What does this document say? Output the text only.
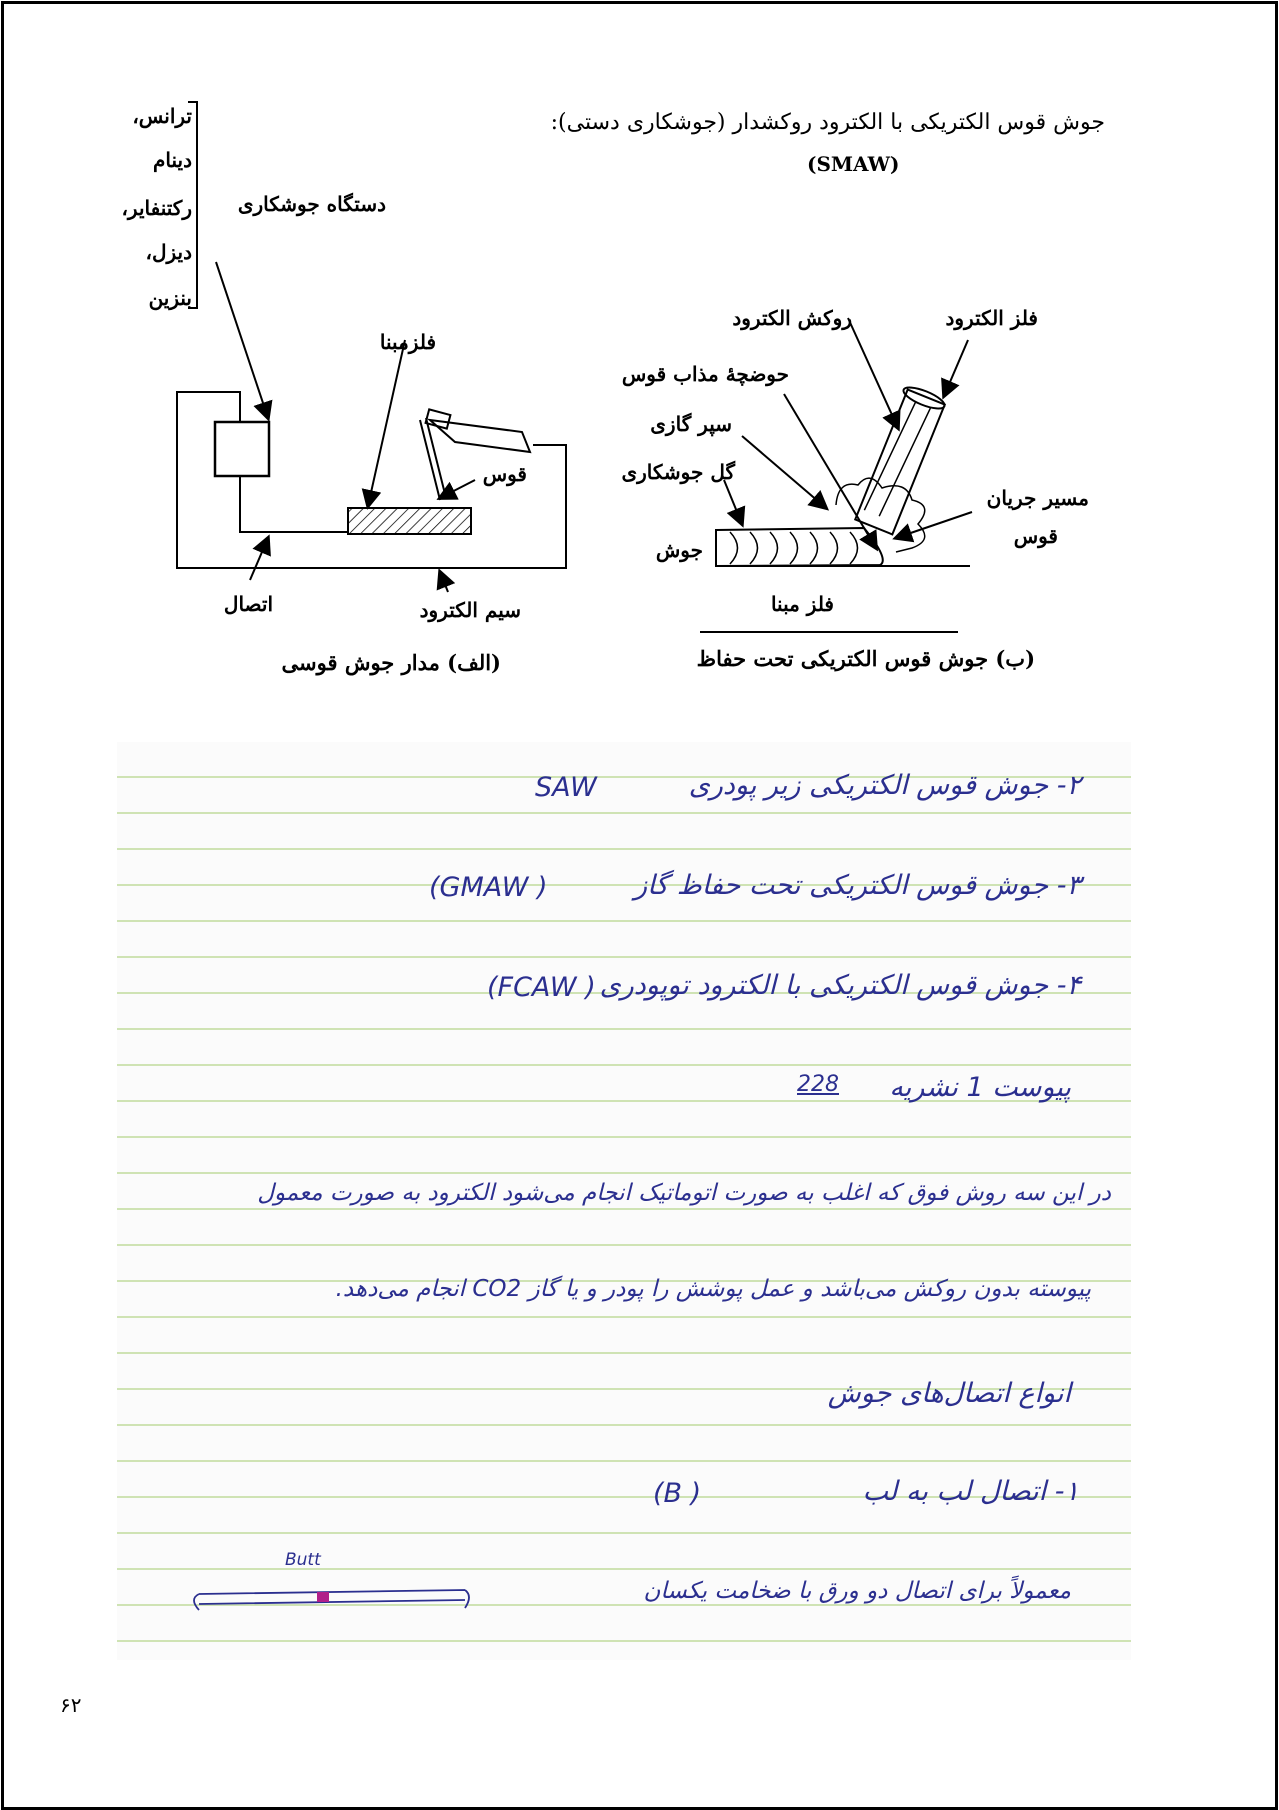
جوش قوس الکتریکی با الکترود روکشدار (جوشکاری دستی):
(SMAW)
ترانس،
دینام
رکتنفایر،
دیزل،
بنزین
دستگاه جوشکاری
فلزمبنا
قوس
اتصال	سیم الکترود
(الف) مدار جوش قوسی
فلز الکترود
روکش الکترود
حوضچهٔ مذاب قوس
سپر گازی
گل جوشکاری
مسیر جریان
قوس
جوش
فلز مبنا
(ب) جوش قوس الکتریکی تحت حفاظ
۲- جوش قوس الکتریکی زیر پودری
SAW
۳- جوش قوس الکتریکی تحت حفاظ گاز
(GMAW )
۴- جوش قوس الکتریکی با الکترود توپودری
(FCAW )
پیوست 1 نشریه
228
در این سه روش فوق که اغلب به صورت اتوماتیک انجام می‌شود الکترود به صورت معمول
پیوسته بدون روکش می‌باشد و عمل پوشش را پودر و یا گاز CO2 انجام می‌دهد.
انواع اتصال‌های جوش
۱- اتصال لب به لب
(B )
معمولاً برای اتصال دو ورق با ضخامت یکسان
Butt
۶۲
